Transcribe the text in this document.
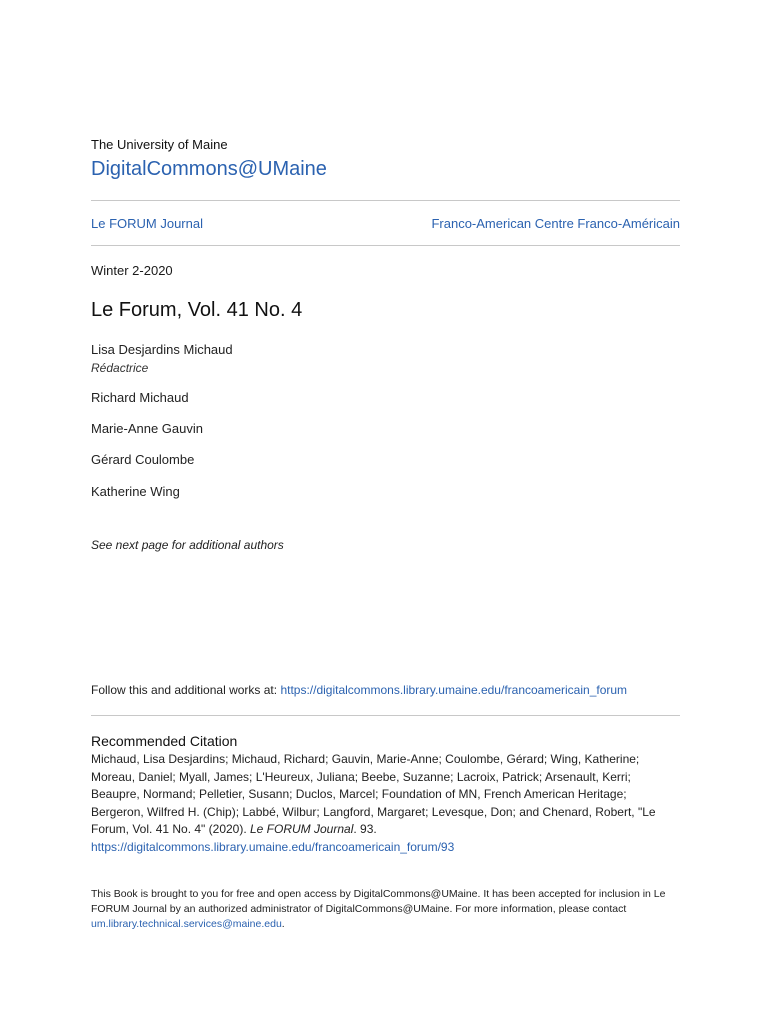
The University of Maine
DigitalCommons@UMaine
Le FORUM Journal	Franco-American Centre Franco-Américain
Winter 2-2020
Le Forum, Vol. 41 No. 4
Lisa Desjardins Michaud
Rédactrice
Richard Michaud
Marie-Anne Gauvin
Gérard Coulombe
Katherine Wing
See next page for additional authors
Follow this and additional works at: https://digitalcommons.library.umaine.edu/francoamericain_forum
Recommended Citation
Michaud, Lisa Desjardins; Michaud, Richard; Gauvin, Marie-Anne; Coulombe, Gérard; Wing, Katherine; Moreau, Daniel; Myall, James; L'Heureux, Juliana; Beebe, Suzanne; Lacroix, Patrick; Arsenault, Kerri; Beaupre, Normand; Pelletier, Susann; Duclos, Marcel; Foundation of MN, French American Heritage; Bergeron, Wilfred H. (Chip); Labbé, Wilbur; Langford, Margaret; Levesque, Don; and Chenard, Robert, "Le Forum, Vol. 41 No. 4" (2020). Le FORUM Journal. 93.
https://digitalcommons.library.umaine.edu/francoamericain_forum/93
This Book is brought to you for free and open access by DigitalCommons@UMaine. It has been accepted for inclusion in Le FORUM Journal by an authorized administrator of DigitalCommons@UMaine. For more information, please contact um.library.technical.services@maine.edu.
